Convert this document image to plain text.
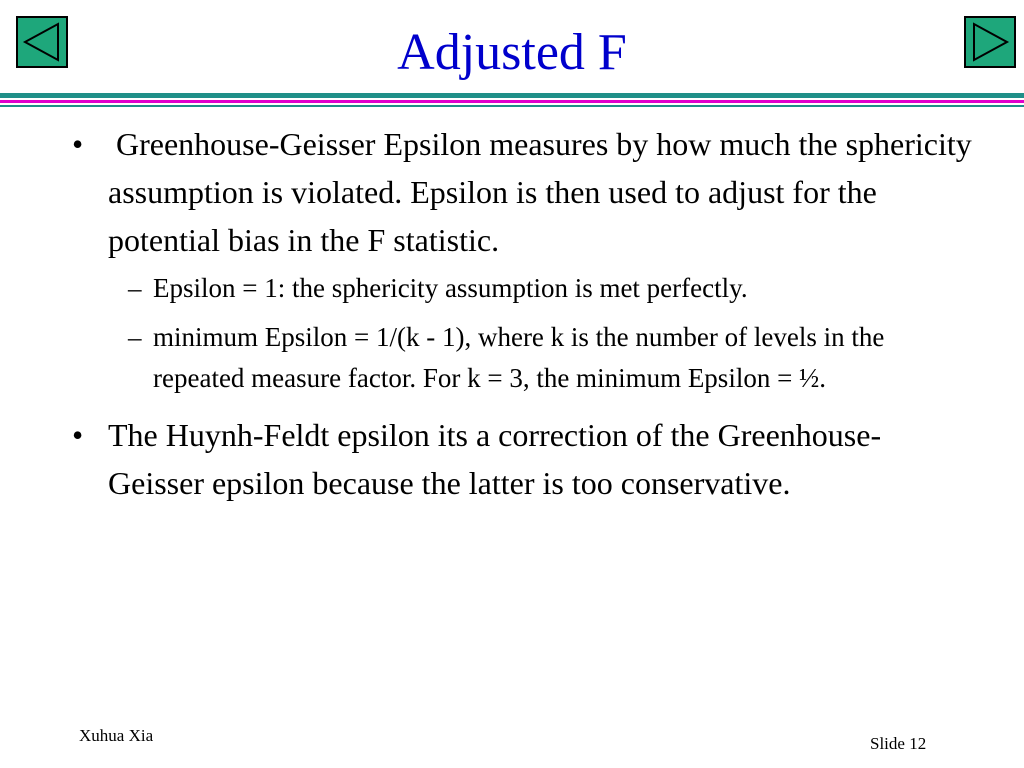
Adjusted F
• Greenhouse-Geisser Epsilon measures by how much the sphericity assumption is violated. Epsilon is then used to adjust for the potential bias in the F statistic.
– Epsilon = 1: the sphericity assumption is met perfectly.
– minimum Epsilon = 1/(k - 1), where k is the number of levels in the repeated measure factor. For k = 3, the minimum Epsilon = ½.
• The Huynh-Feldt epsilon its a correction of the Greenhouse-Geisser epsilon because the latter is too conservative.
Xuhua Xia	Slide 12
